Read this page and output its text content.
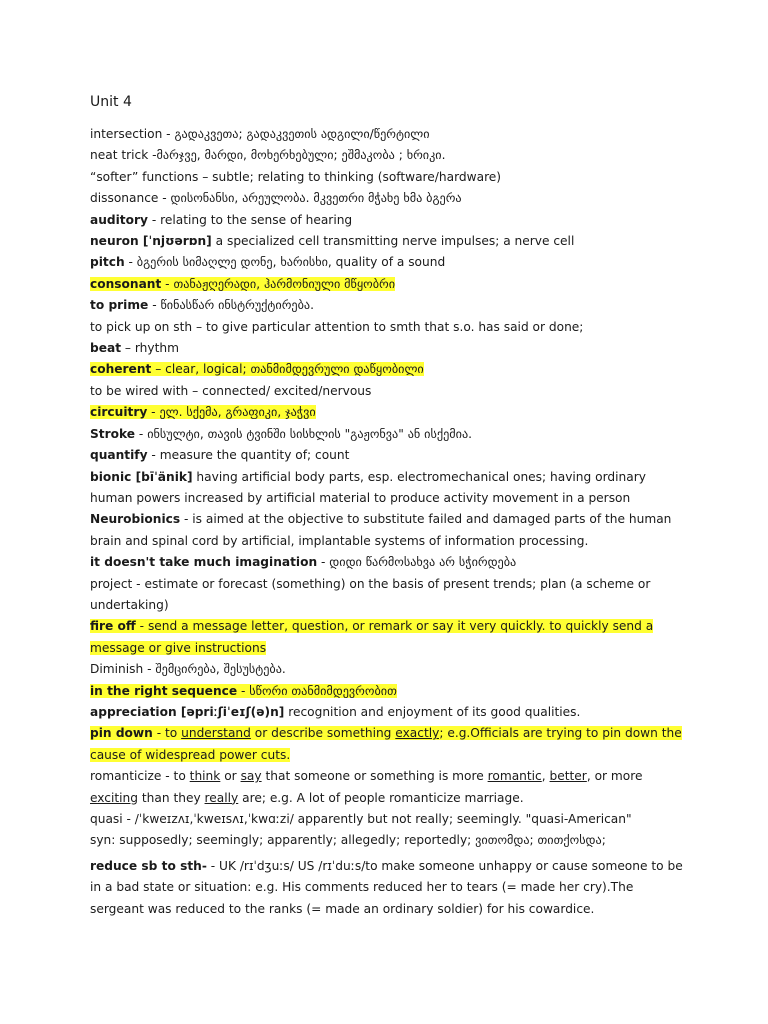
Unit 4
intersection - გადაკვეთა; გადაკვეთის ადგილი/წერტილი
neat trick -მარჯვე, მარდი, მოხერხებული; ეშმაკობა ; ხრიკი.
“softer” functions – subtle; relating to thinking (software/hardware)
dissonance - დისონანსი, არეულობა. მკვეთრი მჭახე ხმა ბგერა
auditory - relating to the sense of hearing
neuron [ˈnjʊərɒn] a specialized cell transmitting nerve impulses; a nerve cell
pitch - ბგერის სიმაღლე დონე, ხარისხი, quality of a sound
consonant - თანაჟღერადი, ჰარმონიული მწყობრი
to prime - წინასწარ ინსტრუქტირება.
to pick up on sth – to give particular attention to smth that s.o. has said or done;
beat – rhythm
coherent – clear, logical; თანმიმდევრული დაწყობილი
to be wired with – connected/ excited/nervous
circuitry - ელ. სქემა, გრაფიკი, ჯაჭვი
Stroke - ინსულტი, თავის ტვინში სისხლის "გაჟონვა" ან ისქემია.
quantify - measure the quantity of; count
bionic [bīˈänik] having artificial body parts, esp. electromechanical ones; having ordinary human powers increased by artificial material to produce activity movement in a person
Neurobionics - is aimed at the objective to substitute failed and damaged parts of the human brain and spinal cord by artificial, implantable systems of information processing.
it doesn't take much imagination - დიდი წარმოსახვა არ სჭირდება
project - estimate or forecast (something) on the basis of present trends; plan (a scheme or undertaking)
fire off - send a message letter, question, or remark or say it very quickly. to quickly send a message or give instructions
Diminish - შემცირება, შესუსტება.
in the right sequence - სწორი თანმიმდევრობით
appreciation [əpriːʃiˈeɪʃ(ə)n] recognition and enjoyment of its good qualities.
pin down - to understand or describe something exactly; e.g.Officials are trying to pin down the cause of widespread power cuts.
romanticize - to think or say that someone or something is more romantic, better, or more exciting than they really are; e.g. A lot of people romanticize marriage.
quasi - /ˈkweɪzʌɪ,ˈkweɪsʌɪ,ˈkwɑːzi/ apparently but not really; seemingly. "quasi-American"
syn: supposedly; seemingly; apparently; allegedly; reportedly; ვითომდა; თითქოსდა;
reduce sb to sth- - UK /rɪˈdʒuːs/ US /rɪˈduːs/to make someone unhappy or cause someone to be in a bad state or situation: e.g. His comments reduced her to tears (= made her cry).The sergeant was reduced to the ranks (= made an ordinary soldier) for his cowardice.
